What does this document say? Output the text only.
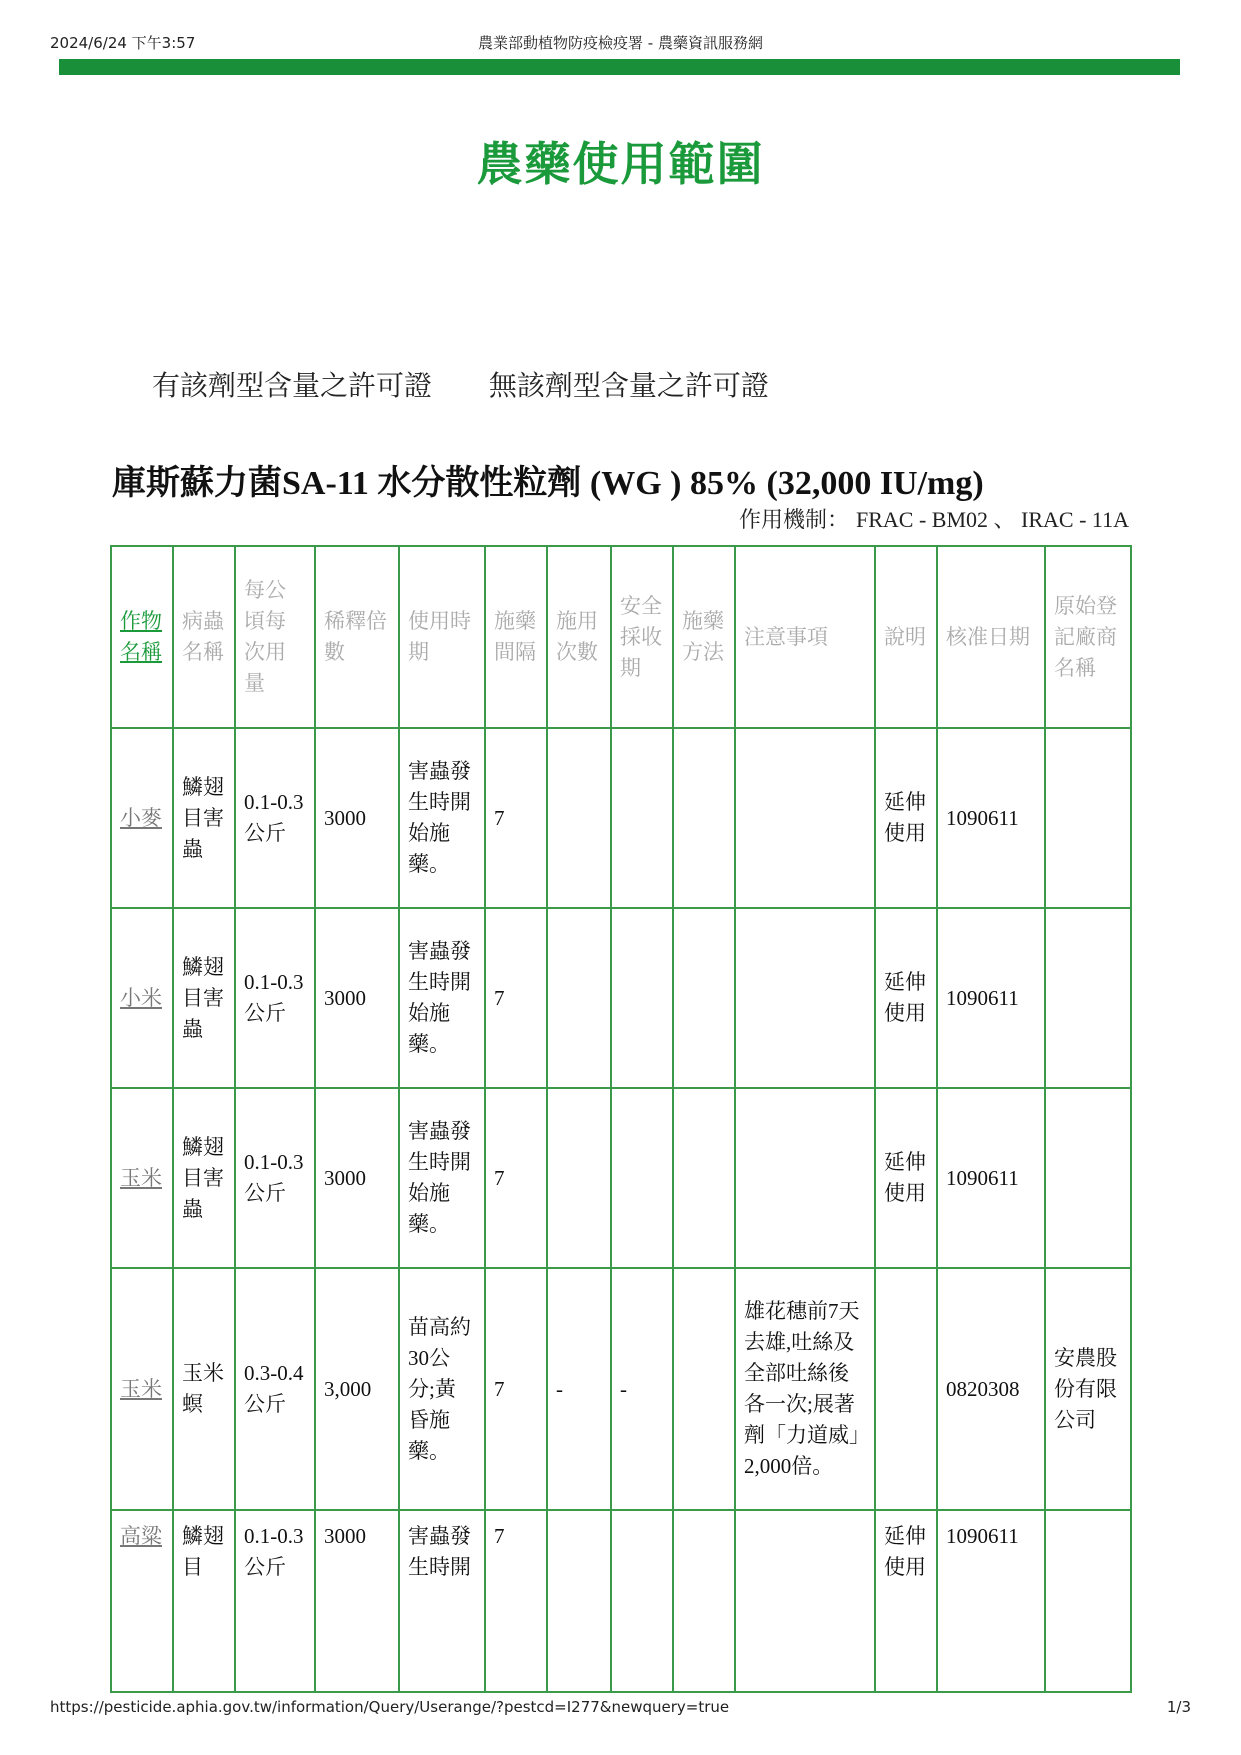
2024/6/24 下午3:57	農業部動植物防疫檢疫署 - 農藥資訊服務網
農藥使用範圍
有該劑型含量之許可證 無該劑型含量之許可證
庫斯蘇力菌SA-11 水分散性粒劑 (WG ) 85% (32,000 IU/mg)
作用機制： FRAC - BM02 、 IRAC - 11A
作物名稱	病蟲名稱	每公頃每次用量	稀釋倍數	使用時期	施藥間隔	施用次數	安全採收期	施藥方法	注意事項	說明	核准日期	原始登記廠商名稱
小麥	鱗翅目害蟲	0.1-0.3公斤	3000	害蟲發生時開始施藥。	7					延伸使用	1090611	
小米	鱗翅目害蟲	0.1-0.3公斤	3000	害蟲發生時開始施藥。	7					延伸使用	1090611	
玉米	鱗翅目害蟲	0.1-0.3公斤	3000	害蟲發生時開始施藥。	7					延伸使用	1090611	
玉米	玉米螟	0.3-0.4公斤	3,000	苗高約30公分;黃昏施藥。	7	-	-		雄花穗前7天去雄,吐絲及全部吐絲後各一次;展著劑「力道威」2,000倍。		0820308	安農股份有限公司
高粱	鱗翅目	0.1-0.3公斤	3000	害蟲發生時開	7					延伸使用	1090611	
https://pesticide.aphia.gov.tw/information/Query/Userange/?pestcd=I277&newquery=true	1/3
